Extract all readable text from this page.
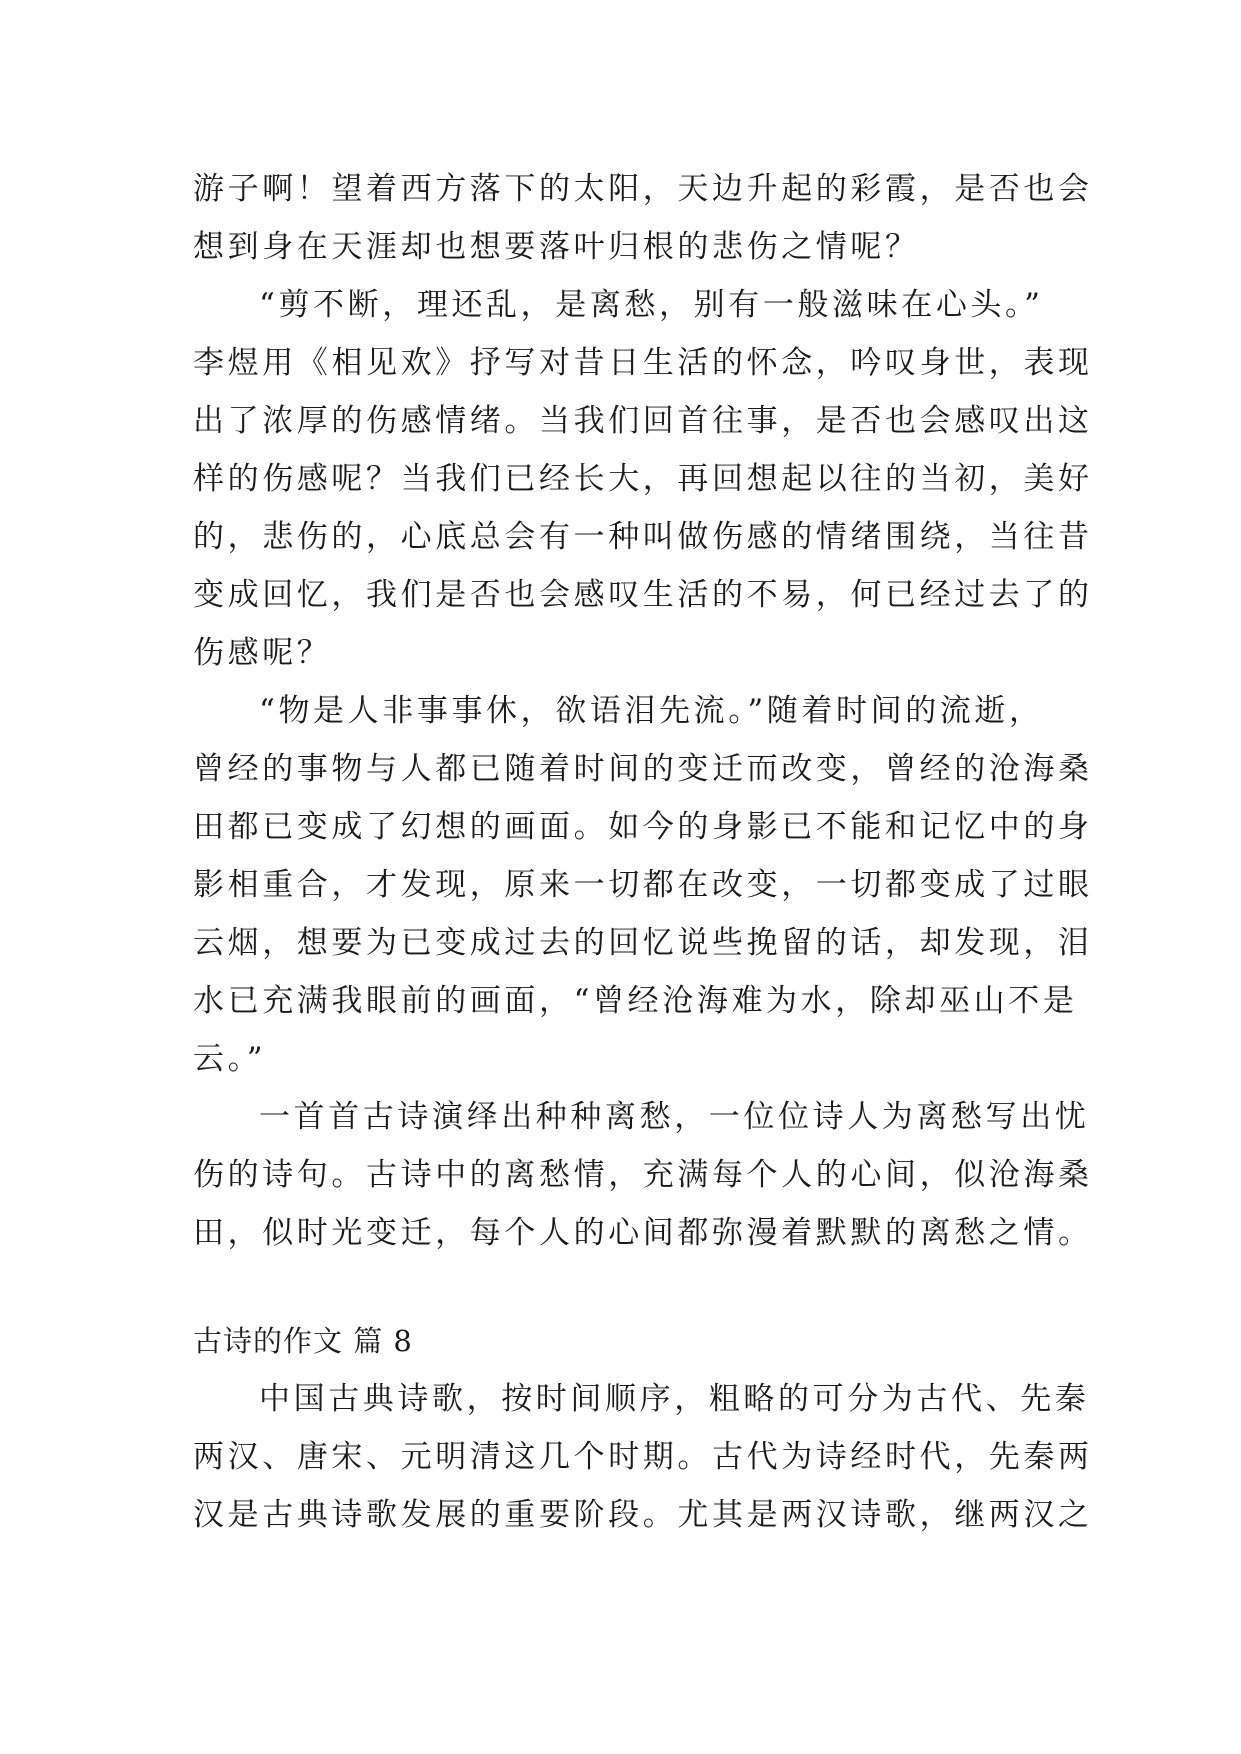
游子啊！望着西方落下的太阳，天边升起的彩霞，是否也会
想到身在天涯却也想要落叶归根的悲伤之情呢？
“剪不断，理还乱，是离愁，别有一般滋味在心头。”
李煜用《相见欢》抒写对昔日生活的怀念，吟叹身世，表现
出了浓厚的伤感情绪。当我们回首往事，是否也会感叹出这
样的伤感呢？当我们已经长大，再回想起以往的当初，美好
的，悲伤的，心底总会有一种叫做伤感的情绪围绕，当往昔
变成回忆，我们是否也会感叹生活的不易，何已经过去了的
伤感呢？
“物是人非事事休，欲语泪先流。”随着时间的流逝，
曾经的事物与人都已随着时间的变迁而改变，曾经的沧海桑
田都已变成了幻想的画面。如今的身影已不能和记忆中的身
影相重合，才发现，原来一切都在改变，一切都变成了过眼
云烟，想要为已变成过去的回忆说些挽留的话，却发现，泪
水已充满我眼前的画面，“曾经沧海难为水，除却巫山不是
云。”
一首首古诗演绎出种种离愁，一位位诗人为离愁写出忧
伤的诗句。古诗中的离愁情，充满每个人的心间，似沧海桑
田，似时光变迁，每个人的心间都弥漫着默默的离愁之情。
古诗的作文 篇 8
中国古典诗歌，按时间顺序，粗略的可分为古代、先秦
两汉、唐宋、元明清这几个时期。古代为诗经时代，先秦两
汉是古典诗歌发展的重要阶段。尤其是两汉诗歌，继两汉之
